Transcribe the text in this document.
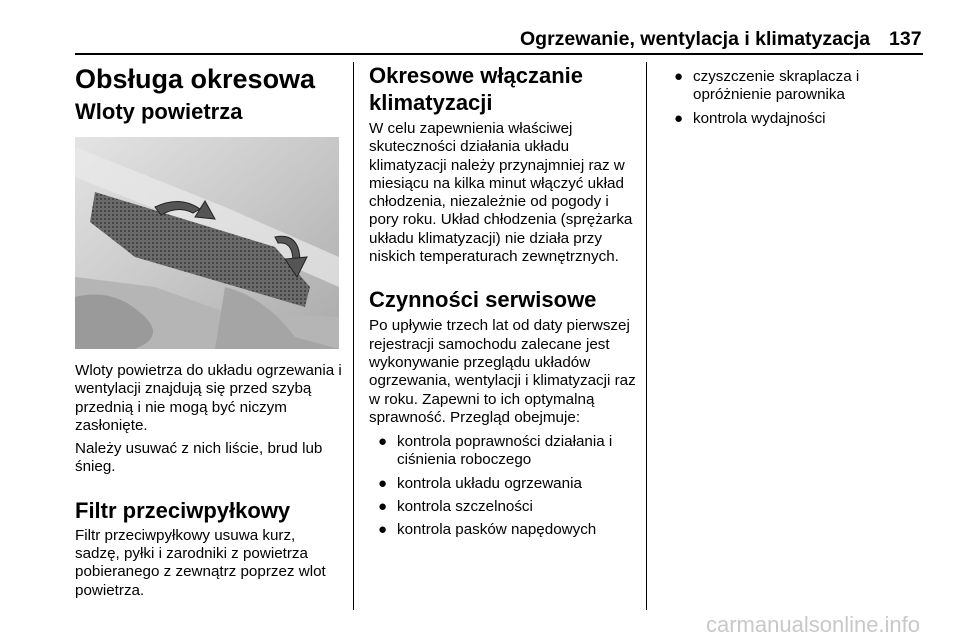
Ogrzewanie, wentylacja i klimatyzacja 137
Obsługa okresowa
Wloty powietrza

Wloty powietrza do układu ogrzewania i wentylacji znajdują się przed szybą przednią i nie mogą być niczym zasłonięte.

Należy usuwać z nich liście, brud lub śnieg.

Filtr przeciwpyłkowy

Filtr przeciwpyłkowy usuwa kurz, sadzę, pyłki i zarodniki z powietrza pobieranego z zewnątrz poprzez wlot powietrza.

Okresowe włączanie klimatyzacji

W celu zapewnienia właściwej skuteczności działania układu klimatyzacji należy przynajmniej raz w miesiącu na kilka minut włączyć układ chłodzenia, niezależnie od pogody i pory roku. Układ chłodzenia (sprężarka układu klimatyzacji) nie działa przy niskich temperaturach zewnętrznych.

Czynności serwisowe

Po upływie trzech lat od daty pierwszej rejestracji samochodu zalecane jest wykonywanie przeglądu układów ogrzewania, wentylacji i klimatyzacji raz w roku. Zapewni to ich optymalną sprawność. Przegląd obejmuje:

● kontrola poprawności działania i ciśnienia roboczego
● kontrola układu ogrzewania
● kontrola szczelności
● kontrola pasków napędowych
● czyszczenie skraplacza i opróżnienie parownika
● kontrola wydajności
carmanualsonline.info
